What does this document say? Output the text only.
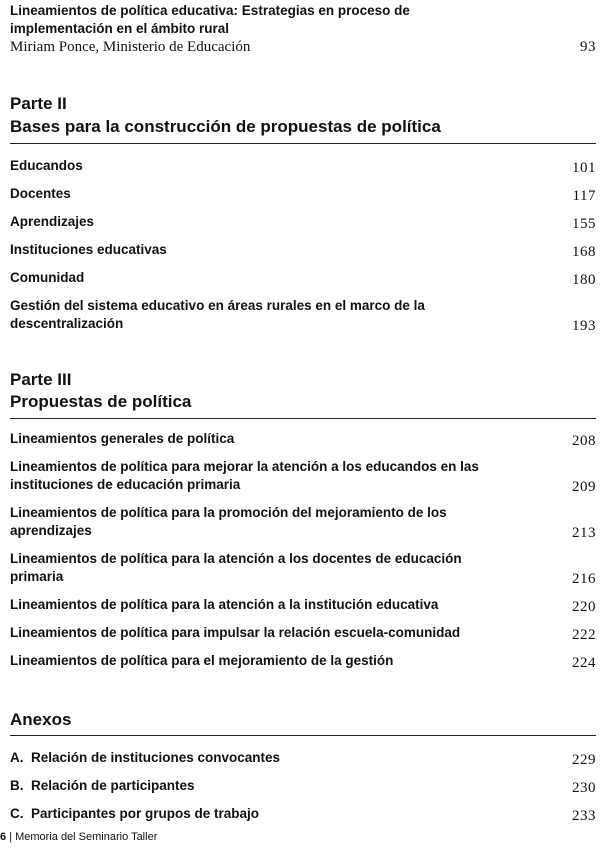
Lineamientos de política educativa: Estrategias en proceso de implementación en el ámbito rural
Miriam Ponce, Ministerio de Educación	93
Parte II
Bases para la construcción de propuestas de política
Educandos	101
Docentes	117
Aprendizajes	155
Instituciones educativas	168
Comunidad	180
Gestión del sistema educativo en áreas rurales en el marco de la descentralización	193
Parte III
Propuestas de política
Lineamientos generales de política	208
Lineamientos de política para mejorar la atención a los educandos en las instituciones de educación primaria	209
Lineamientos de política para la promoción del mejoramiento de los aprendizajes	213
Lineamientos de política para la atención a los docentes de educación primaria	216
Lineamientos de política para la atención a la institución educativa	220
Lineamientos de política para impulsar la relación escuela-comunidad	222
Lineamientos de política para el mejoramiento de la gestión	224
Anexos
A.  Relación de instituciones convocantes	229
B.  Relación de participantes	230
C.  Participantes por grupos de trabajo	233
6 | Memoria del Seminario Taller
